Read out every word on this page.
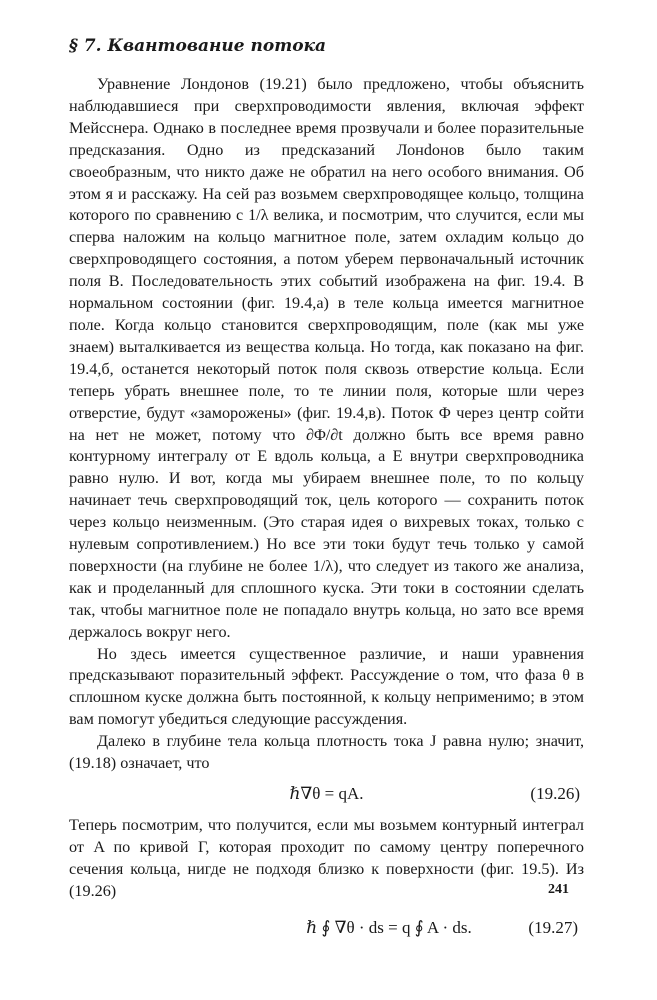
§ 7. Квантование потока

Уравнение Лондонов (19.21) было предложено, чтобы объяснить наблюдавшиеся при сверхпроводимости явления, включая эффект Мейсснера. Однако в последнее время прозвучали и более поразительные предсказания. Одно из предсказаний Лонdонов было таким своеобразным, что никто даже не обратил на него особого внимания. Об этом я и расскажу. На сей раз возьмем сверхпроводящее кольцо, толщина которого по сравнению с 1/λ велика, и посмотрим, что случится, если мы сперва наложим на кольцо магнитное поле, затем охладим кольцо до сверхпроводящего состояния, а потом уберем первоначальный источник поля B. Последовательность этих событий изображена на фиг. 19.4. В нормальном состоянии (фиг. 19.4,а) в теле кольца имеется магнитное поле. Когда кольцо становится сверхпроводящим, поле (как мы уже знаем) выталкивается из вещества кольца. Но тогда, как показано на фиг. 19.4,б, останется некоторый поток поля сквозь отверстие кольца. Если теперь убрать внешнее поле, то те линии поля, которые шли через отверстие, будут «заморожены» (фиг. 19.4,в). Поток Φ через центр сойти на нет не может, потому что ∂Φ/∂t должно быть все время равно контурному интегралу от E вдоль кольца, а E внутри сверхпроводника равно нулю. И вот, когда мы убираем внешнее поле, то по кольцу начинает течь сверхпроводящий ток, цель которого — сохранить поток через кольцо неизменным. (Это старая идея о вихревых токах, только с нулевым сопротивлением.) Но все эти токи будут течь только у самой поверхности (на глубине не более 1/λ), что следует из такого же анализа, как и проделанный для сплошного куска. Эти токи в состоянии сделать так, чтобы магнитное поле не попадало внутрь кольца, но зато все время держалось вокруг него.

Но здесь имеется существенное различие, и наши уравнения предсказывают поразительный эффект. Рассуждение о том, что фаза θ в сплошном куске должна быть постоянной, к кольцу неприменимо; в этом вам помогут убедиться следующие рассуждения.

Далеко в глубине тела кольца плотность тока J равна нулю; значит, (19.18) означает, что

ℏ∇θ = qA.	(19.26)

Теперь посмотрим, что получится, если мы возьмем контурный интеграл от A по кривой Γ, которая проходит по самому центру поперечного сечения кольца, нигде не подходя близко к поверхности (фиг. 19.5). Из (19.26)

ℏ ∮ ∇θ · ds = q ∮ A · ds.	(19.27)
241
